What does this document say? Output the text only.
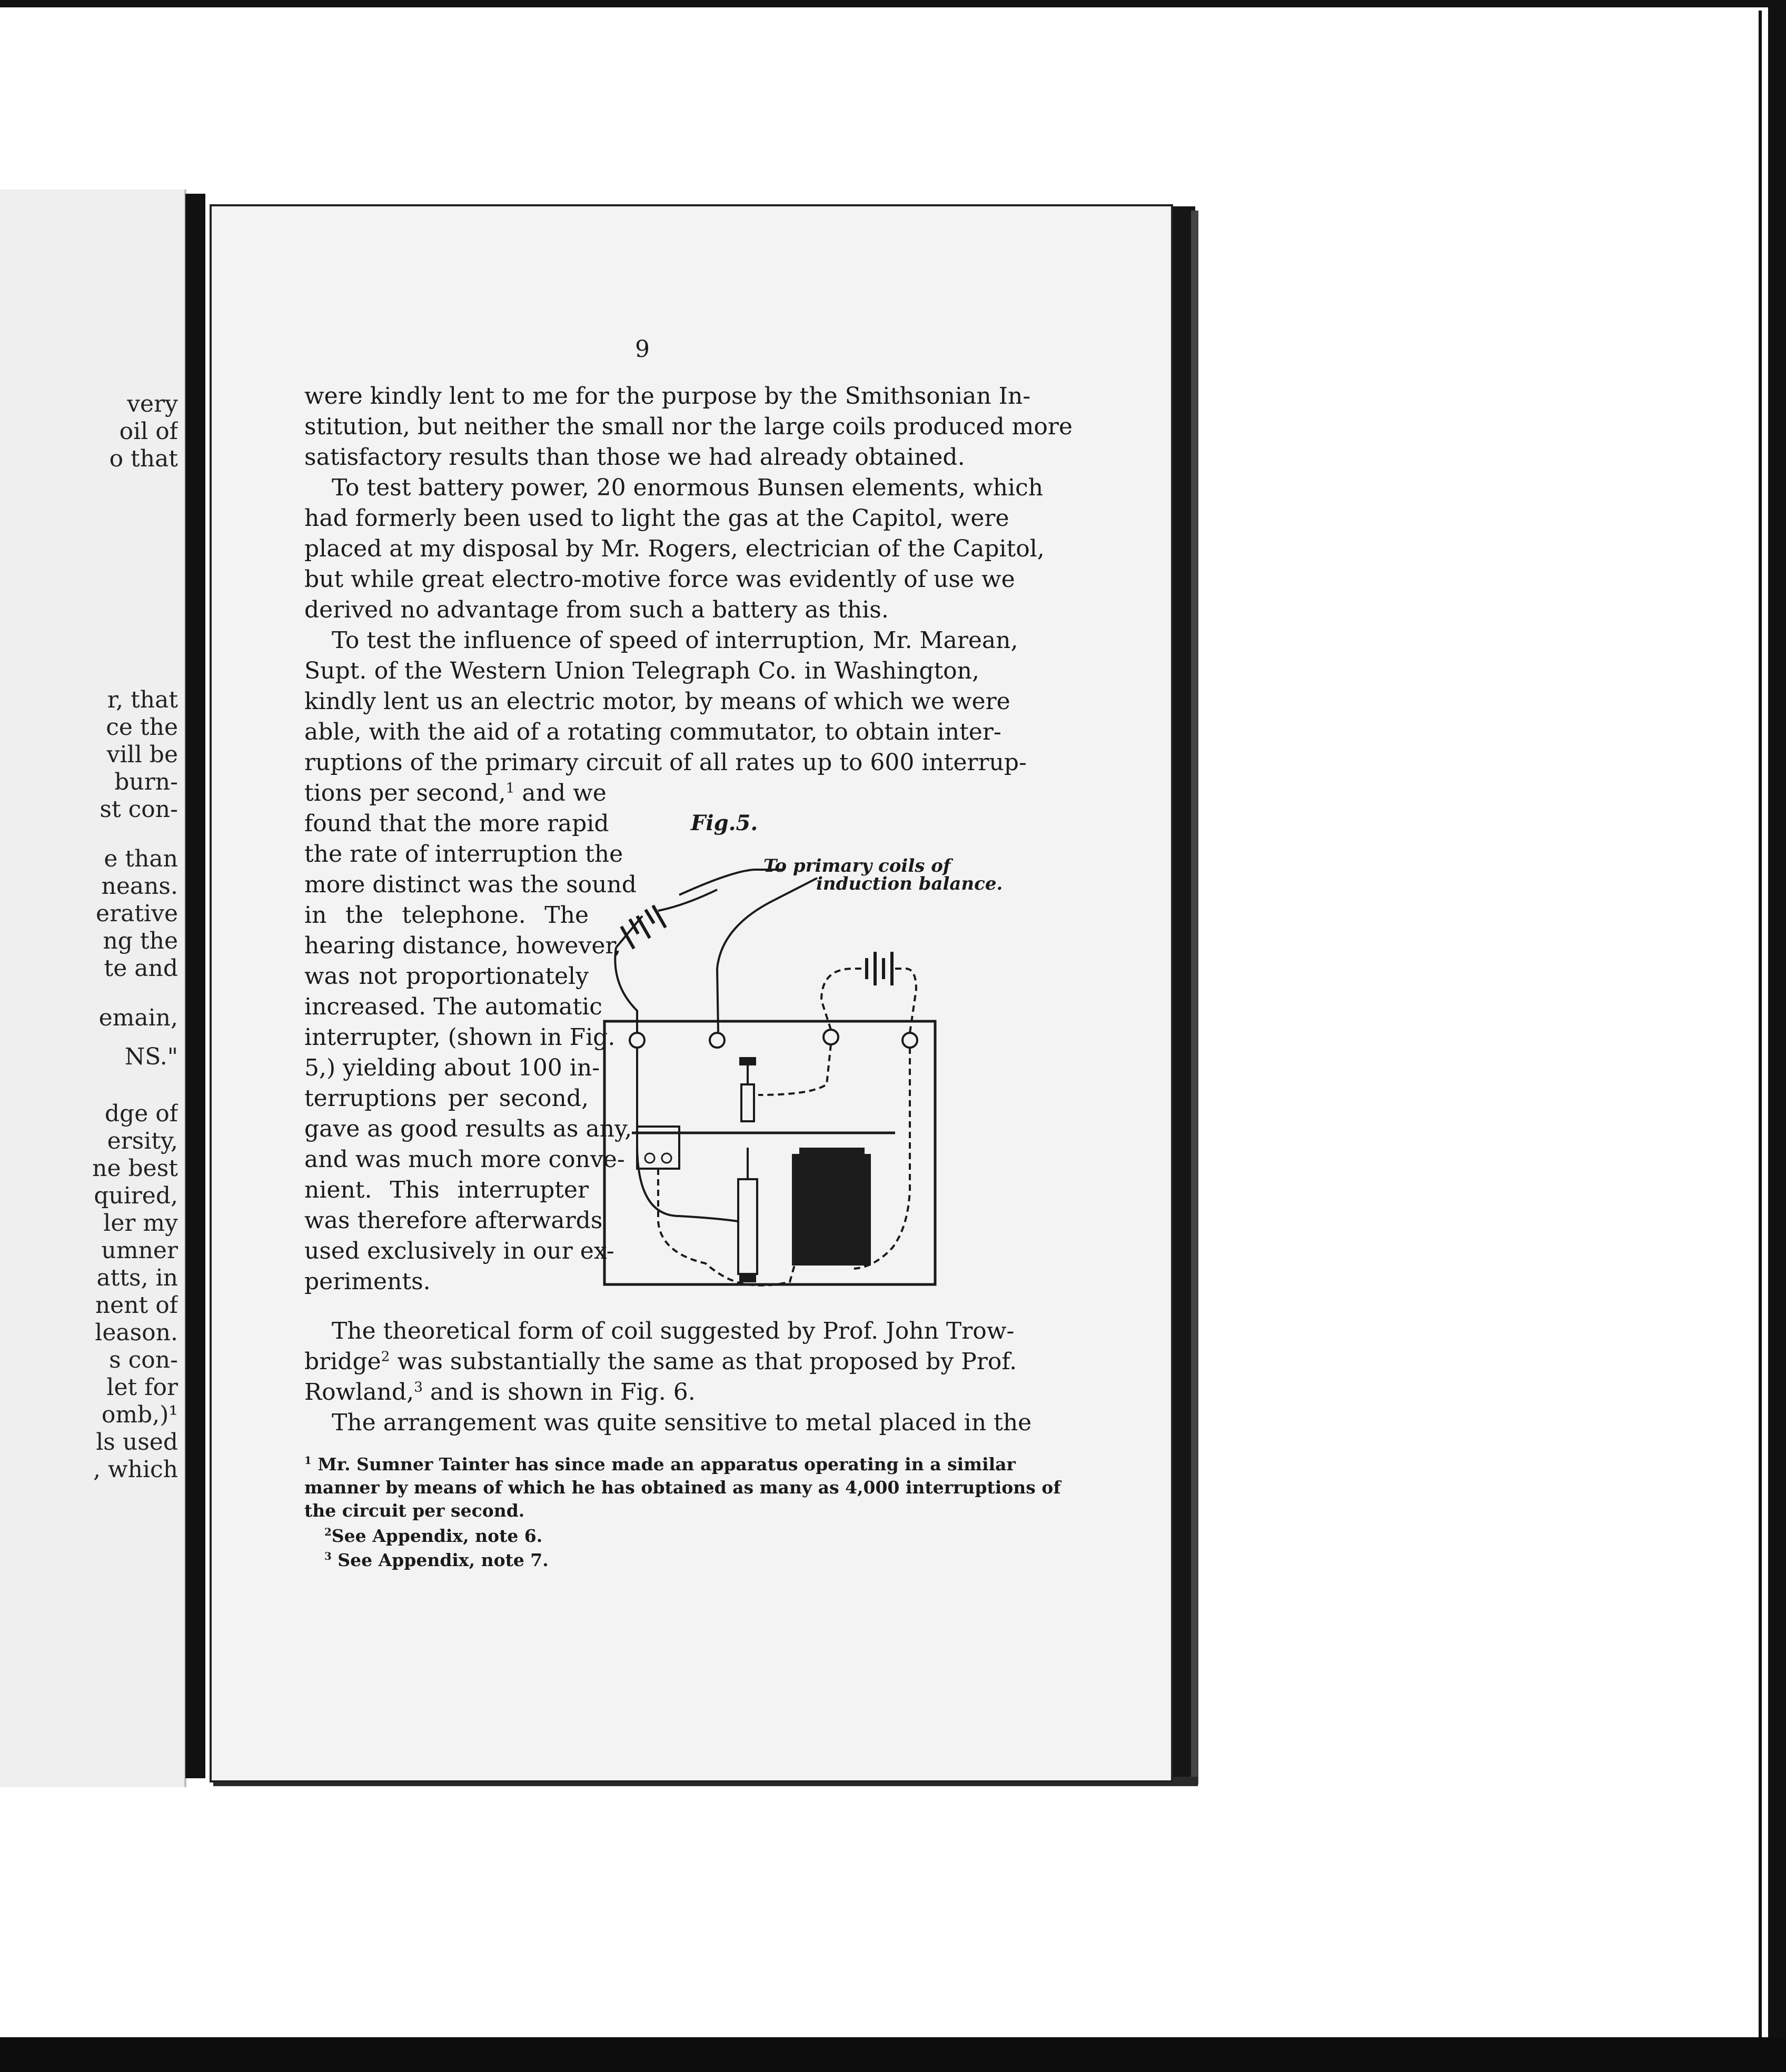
very
oil of
o that
r, that
ce the
vill be
burn-
st con-
e than
neans.
erative
ng the
te and
emain,
NS."
dge of
ersity,
ne best
quired,
ler my
umner
atts, in
nent of
leason.
s con-
let for
omb,)¹
ls used
, which
9
were kindly lent to me for the purpose by the Smithsonian In-
stitution, but neither the small nor the large coils produced more
satisfactory results than those we had already obtained.
To test battery power, 20 enormous Bunsen elements, which
had formerly been used to light the gas at the Capitol, were
placed at my disposal by Mr. Rogers, electrician of the Capitol,
but while great electro-motive force was evidently of use we
derived no advantage from such a battery as this.
To test the influence of speed of interruption, Mr. Marean,
Supt. of the Western Union Telegraph Co. in Washington,
kindly lent us an electric motor, by means of which we were
able, with the aid of a rotating commutator, to obtain inter-
ruptions of the primary circuit of all rates up to 600 interrup-
tions per second,$^1$ and we
found that the more rapid
the rate of interruption the
more distinct was the sound
in the telephone. The
hearing distance, however,
was not proportionately
increased. The automatic
interrupter, (shown in Fig.
5,) yielding about 100 in-
terruptions per second,
gave as good results as any,
and was much more conve-
nient. This interrupter
was therefore afterwards
used exclusively in our ex-
periments.
The theoretical form of coil suggested by Prof. John Trow-
bridge$^2$ was substantially the same as that proposed by Prof.
Rowland,$^3$ and is shown in Fig. 6.
The arrangement was quite sensitive to metal placed in the
$^1$ Mr. Sumner Tainter has since made an apparatus operating in a similar
manner by means of which he has obtained as many as 4,000 interruptions of
the circuit per second.
$^2$See Appendix, note 6.
$^3$ See Appendix, note 7.
Fig.5.
To primary coils of
induction balance.
